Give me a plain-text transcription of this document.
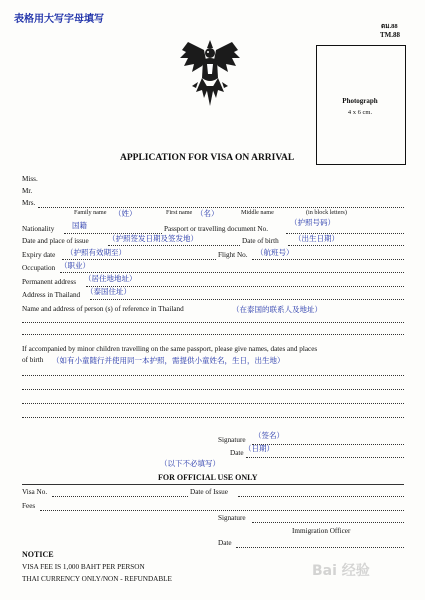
表格用大写字母填写
ตม.88
TM.88
Photograph
4 x 6 cm.
APPLICATION FOR VISA ON ARRIVAL
Miss.
Mr.
Mrs.
Family name （姓）	First name （名）	Middle name	(in block letters)
Nationality 国籍	Passport or travelling document No.
（护照号码）
Date and place of issue	（护照签发日期及签发地）	Date of birth （出生日期）
Expiry date （护照有效期至）	Flight No. （航班号）
Occupation （职业）
Permanent address （居住地地址）
Address in Thailand （泰国住址）
Name and address of person (s) of reference in Thailand	（在泰国的联系人及地址）
If accompanied by minor children travelling on the same passport, please give names, dates and places
of birth （如有小童随行并使用同一本护照，需提供小童姓名，生日，出生地）
（签名）
Signature
（日期）
Date
（以下不必填写）
FOR OFFICIAL USE ONLY
Visa No.	Date of Issue
Fees
Signature
Immigration Officer
Date
NOTICE
VISA FEE IS 1,000 BAHT PER PERSON
THAI CURRENCY ONLY/NON - REFUNDABLE	Bai 经验
